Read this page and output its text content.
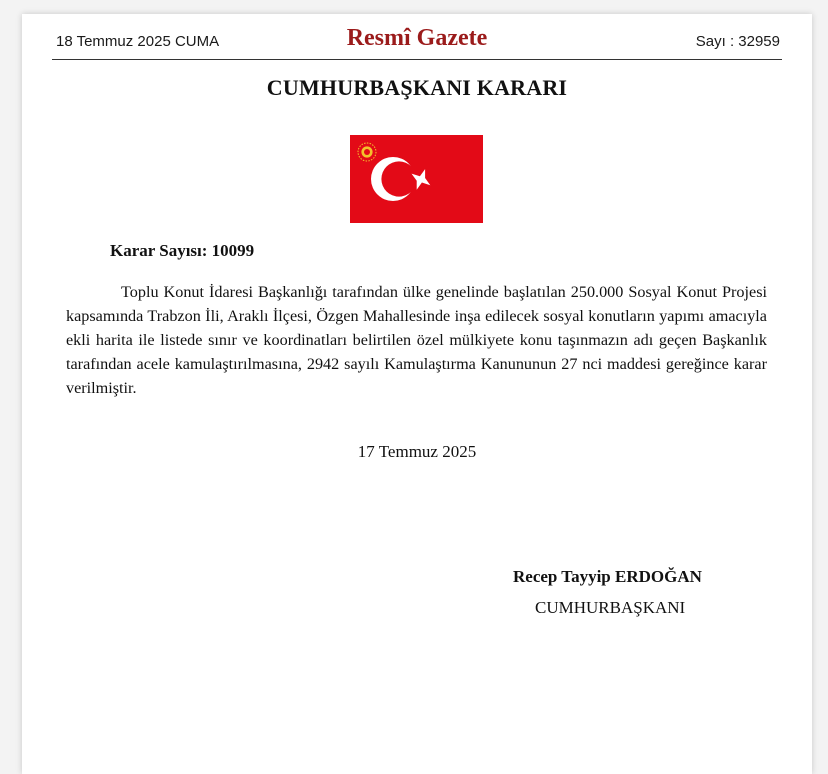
18 Temmuz 2025 CUMA	Resmî Gazete	Sayı : 32959
CUMHURBAŞKANI KARARI
Karar Sayısı: 10099

Toplu Konut İdaresi Başkanlığı tarafından ülke genelinde başlatılan 250.000 Sosyal Konut Projesi kapsamında Trabzon İli, Araklı İlçesi, Özgen Mahallesinde inşa edilecek sosyal konutların yapımı amacıyla ekli harita ile listede sınır ve koordinatları belirtilen özel mülkiyete konu taşınmazın adı geçen Başkanlık tarafından acele kamulaştırılmasına, 2942 sayılı Kamulaştırma Kanununun 27 nci maddesi gereğince karar verilmiştir.

17 Temmuz 2025
Recep Tayyip ERDOĞAN
CUMHURBAŞKANI
